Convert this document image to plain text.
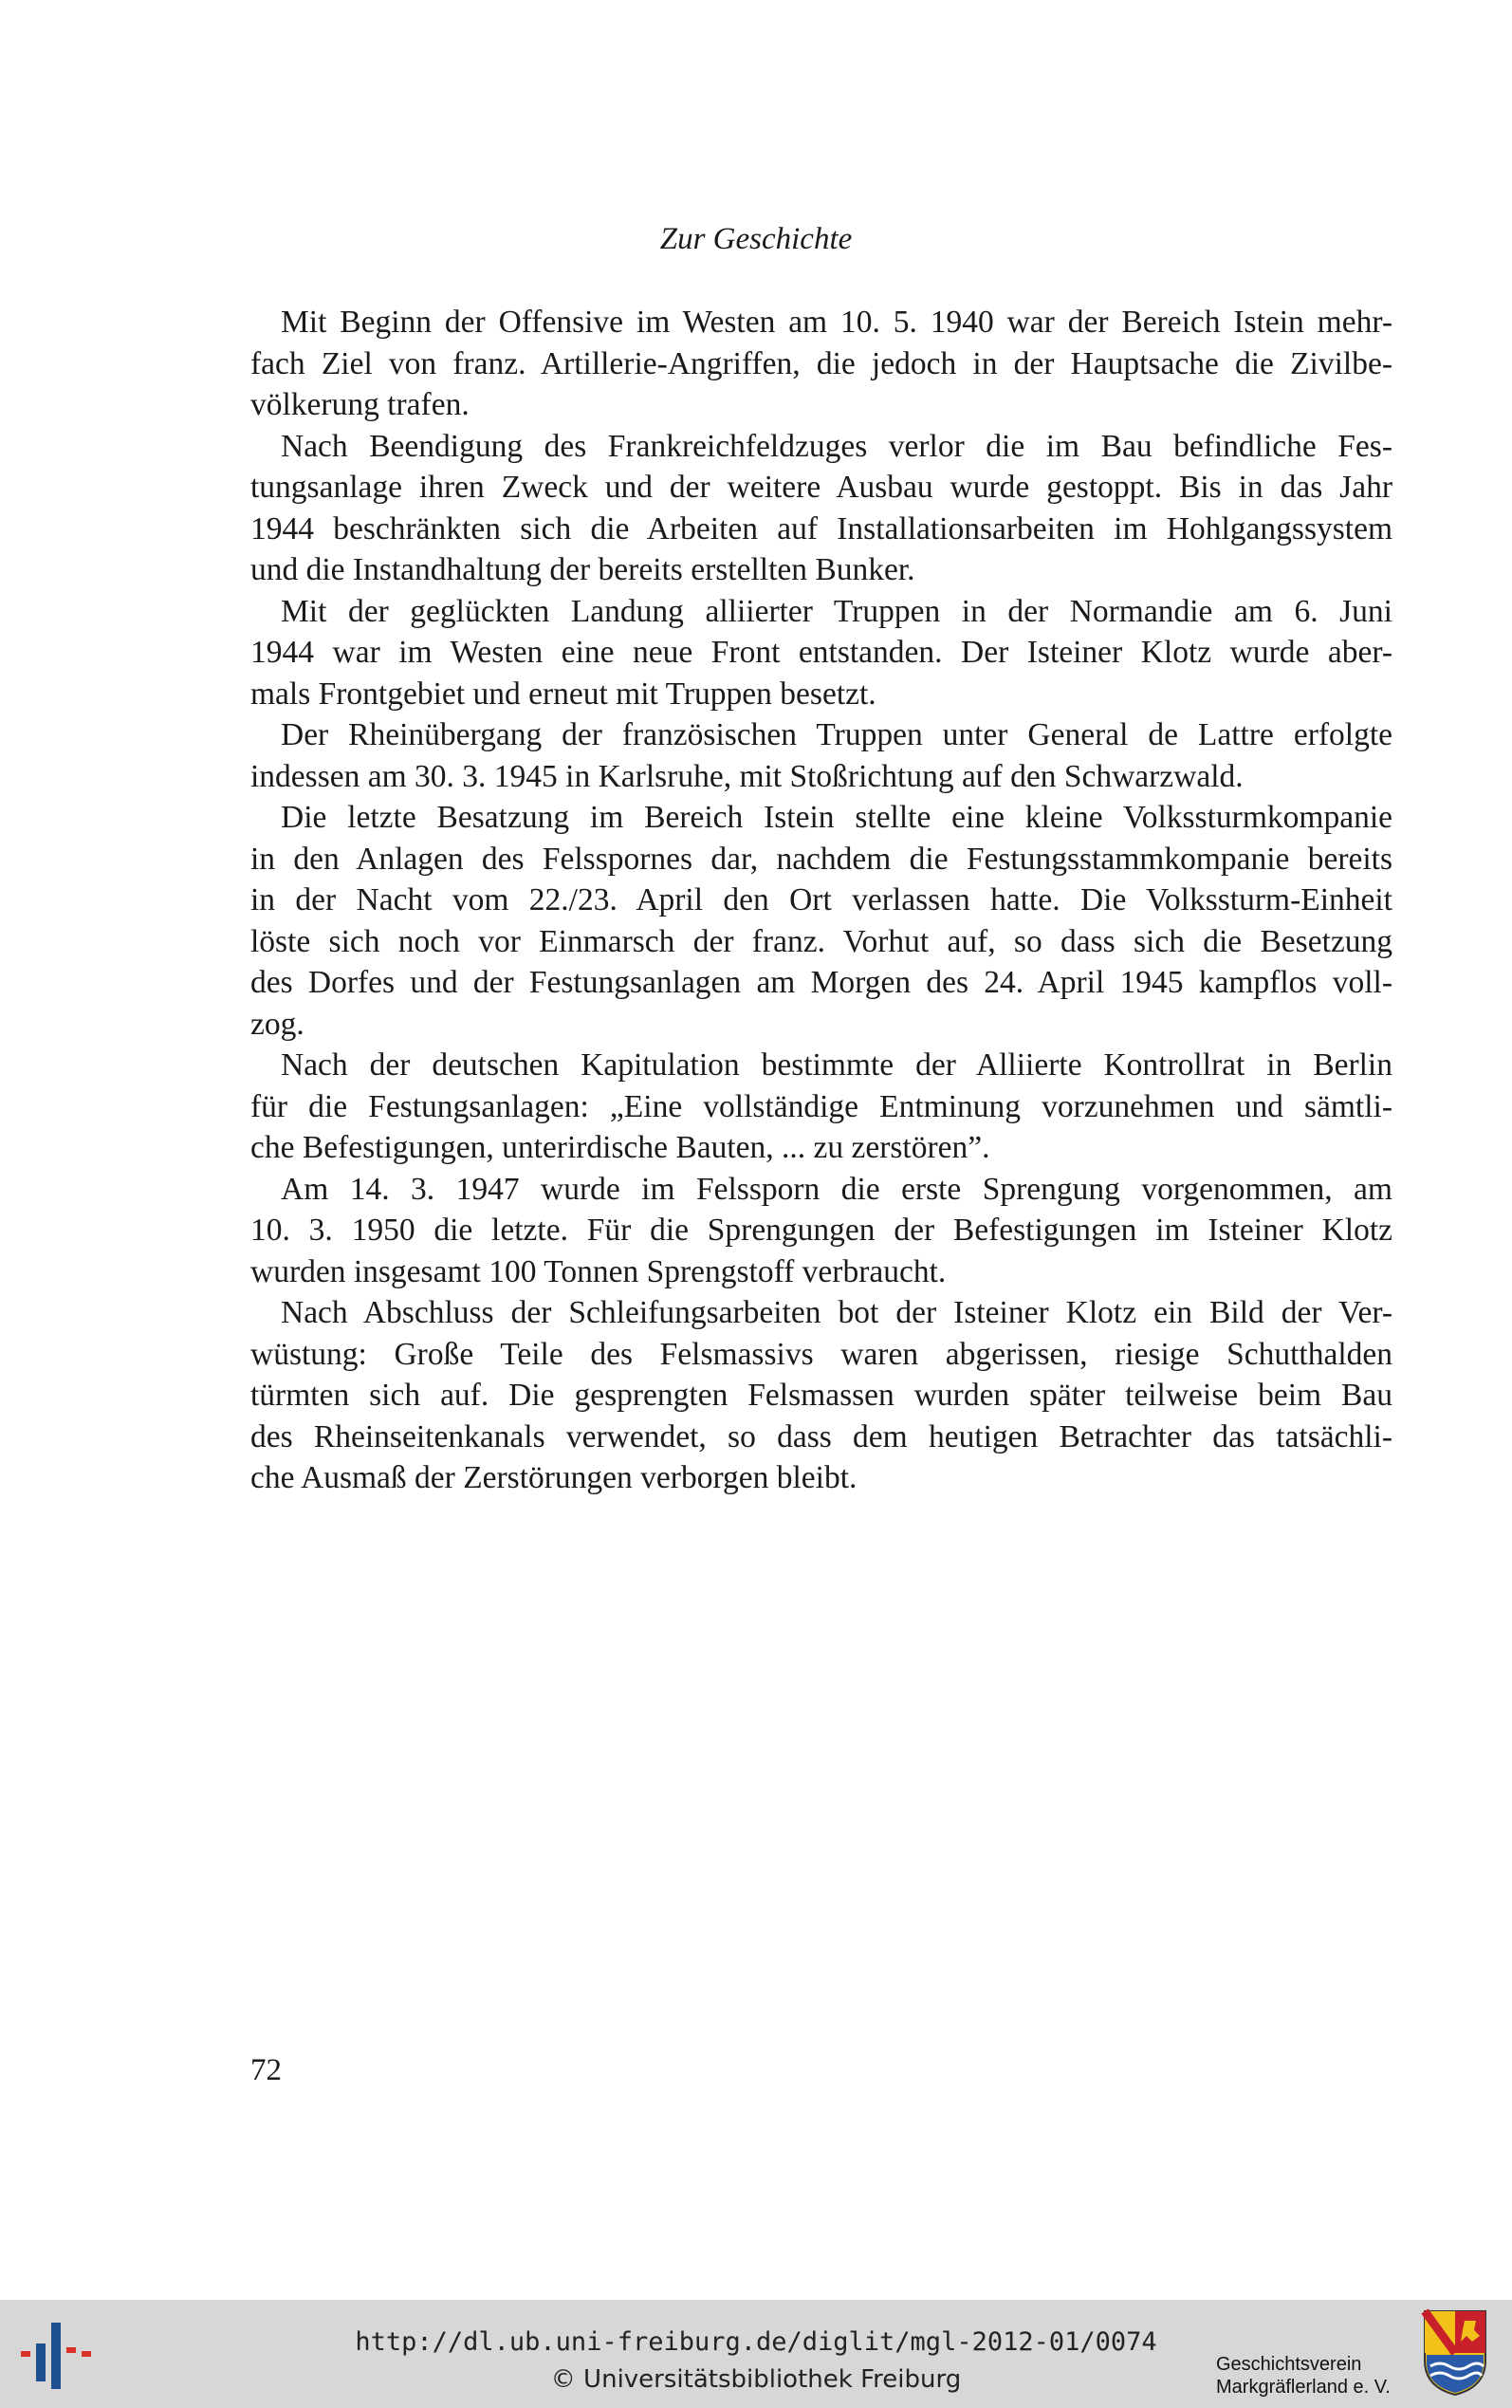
Zur Geschichte
Mit Beginn der Offensive im Westen am 10. 5. 1940 war der Bereich Istein mehr-
fach Ziel von franz. Artillerie-Angriffen, die jedoch in der Hauptsache die Zivilbe-
völkerung trafen.
Nach Beendigung des Frankreichfeldzuges verlor die im Bau befindliche Fes-
tungsanlage ihren Zweck und der weitere Ausbau wurde gestoppt. Bis in das Jahr
1944 beschränkten sich die Arbeiten auf Installationsarbeiten im Hohlgangssystem
und die Instandhaltung der bereits erstellten Bunker.
Mit der geglückten Landung alliierter Truppen in der Normandie am 6. Juni
1944 war im Westen eine neue Front entstanden. Der Isteiner Klotz wurde aber-
mals Frontgebiet und erneut mit Truppen besetzt.
Der Rheinübergang der französischen Truppen unter General de Lattre erfolgte
indessen am 30. 3. 1945 in Karlsruhe, mit Stoßrichtung auf den Schwarzwald.
Die letzte Besatzung im Bereich Istein stellte eine kleine Volkssturmkompanie
in den Anlagen des Felsspornes dar, nachdem die Festungsstammkompanie bereits
in der Nacht vom 22./23. April den Ort verlassen hatte. Die Volkssturm-Einheit
löste sich noch vor Einmarsch der franz. Vorhut auf, so dass sich die Besetzung
des Dorfes und der Festungsanlagen am Morgen des 24. April 1945 kampflos voll-
zog.
Nach der deutschen Kapitulation bestimmte der Alliierte Kontrollrat in Berlin
für die Festungsanlagen: „Eine vollständige Entminung vorzunehmen und sämtli-
che Befestigungen, unterirdische Bauten, ... zu zerstören”.
Am 14. 3. 1947 wurde im Felssporn die erste Sprengung vorgenommen, am
10. 3. 1950 die letzte. Für die Sprengungen der Befestigungen im Isteiner Klotz
wurden insgesamt 100 Tonnen Sprengstoff verbraucht.
Nach Abschluss der Schleifungsarbeiten bot der Isteiner Klotz ein Bild der Ver-
wüstung: Große Teile des Felsmassivs waren abgerissen, riesige Schutthalden
türmten sich auf. Die gesprengten Felsmassen wurden später teilweise beim Bau
des Rheinseitenkanals verwendet, so dass dem heutigen Betrachter das tatsächli-
che Ausmaß der Zerstörungen verborgen bleibt.
72
http://dl.ub.uni-freiburg.de/diglit/mgl-2012-01/0074
© Universitätsbibliothek Freiburg
Geschichtsverein
Markgräflerland e. V.
